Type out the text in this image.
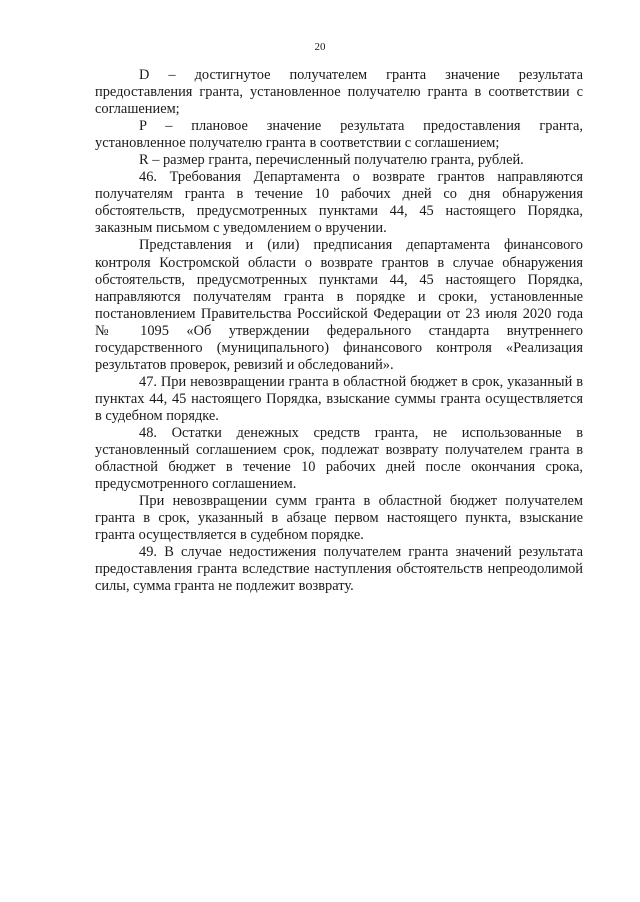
20

D – достигнутое получателем гранта значение результата предоставления гранта, установленное получателю гранта в соответствии с соглашением;

P – плановое значение результата предоставления гранта, установленное получателю гранта в соответствии с соглашением;

R – размер гранта, перечисленный получателю гранта, рублей.

46. Требования Департамента о возврате грантов направляются получателям гранта в течение 10 рабочих дней со дня обнаружения обстоятельств, предусмотренных пунктами 44, 45 настоящего Порядка, заказным письмом с уведомлением о вручении.

Представления и (или) предписания департамента финансового контроля Костромской области о возврате грантов в случае обнаружения обстоятельств, предусмотренных пунктами 44, 45 настоящего Порядка, направляются получателям гранта в порядке и сроки, установленные постановлением Правительства Российской Федерации от 23 июля 2020 года № 1095 «Об утверждении федерального стандарта внутреннего государственного (муниципального) финансового контроля «Реализация результатов проверок, ревизий и обследований».

47. При невозвращении гранта в областной бюджет в срок, указанный в пунктах 44, 45 настоящего Порядка, взыскание суммы гранта осуществляется в судебном порядке.

48. Остатки денежных средств гранта, не использованные в установленный соглашением срок, подлежат возврату получателем гранта в областной бюджет в течение 10 рабочих дней после окончания срока, предусмотренного соглашением.

При невозвращении сумм гранта в областной бюджет получателем гранта в срок, указанный в абзаце первом настоящего пункта, взыскание гранта осуществляется в судебном порядке.

49. В случае недостижения получателем гранта значений результата предоставления гранта вследствие наступления обстоятельств непреодолимой силы, сумма гранта не подлежит возврату.
